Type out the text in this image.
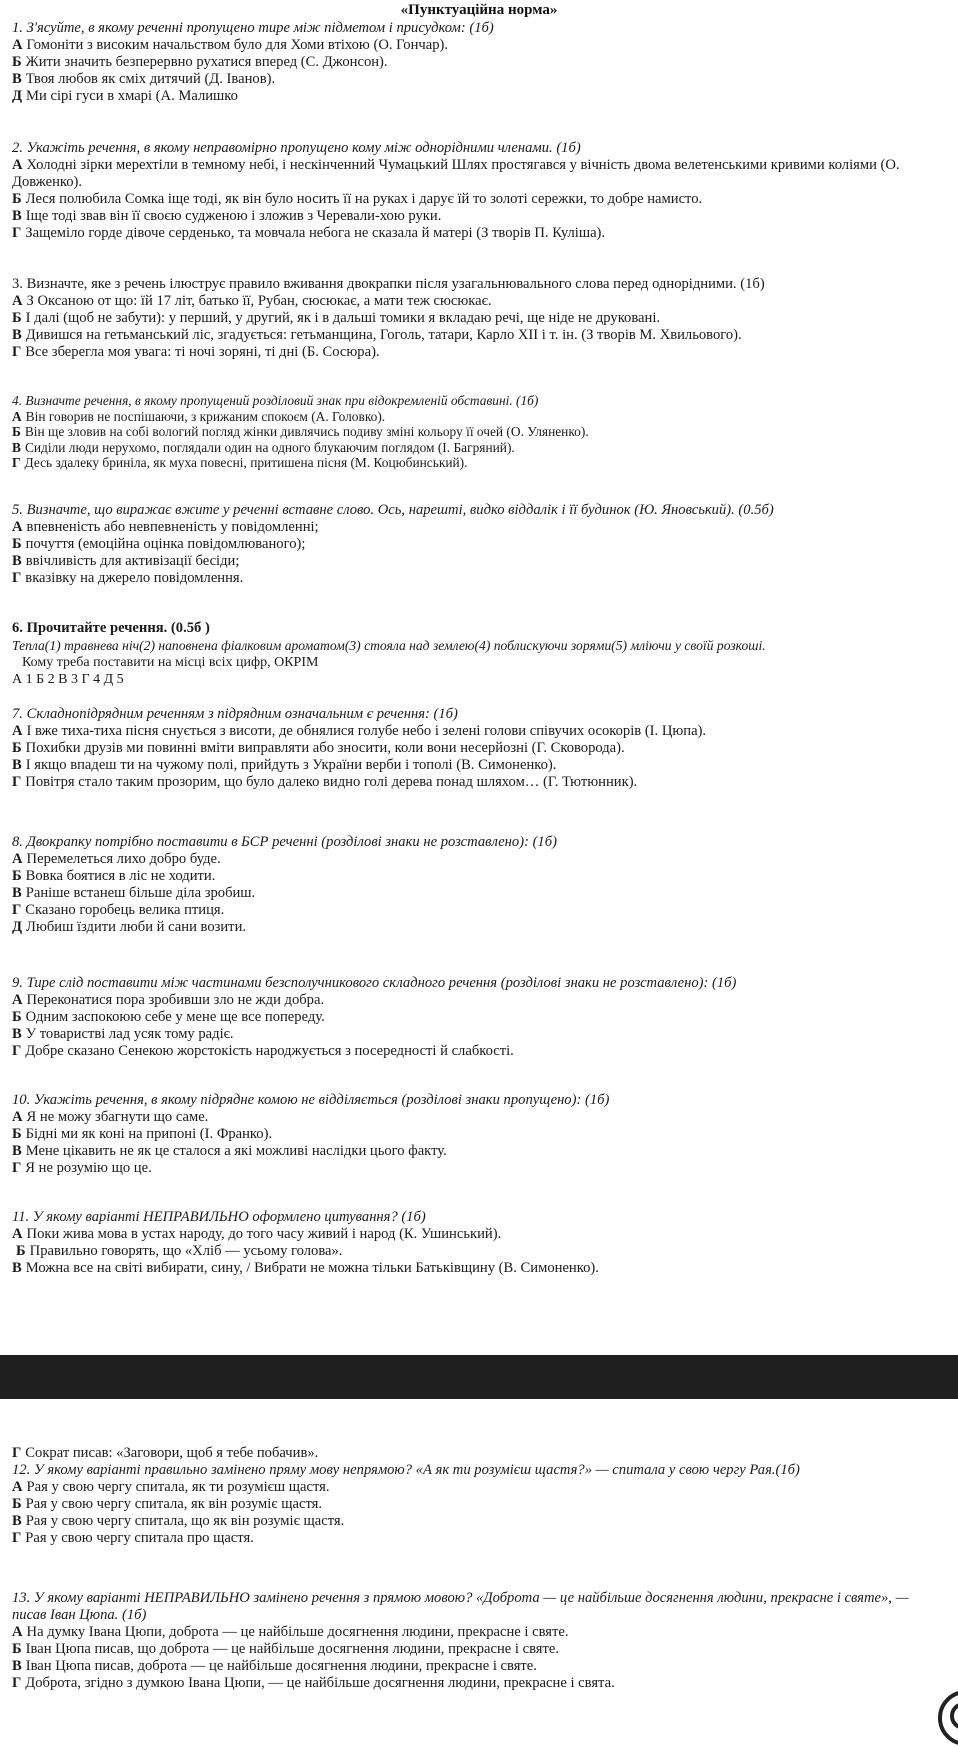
«Пунктуаційна норма»
1. З'ясуйте, в якому реченні пропущено тире між підметом і присудком: (1б)
А Гомоніти з високим начальством було для Хоми втіхою (О. Гончар).
Б Жити значить безперервно рухатися вперед (С. Джонсон).
В Твоя любов як сміх дитячий (Д. Іванов).
Д Ми сірі гуси в хмарі (А. Малишко
2. Укажіть речення, в якому неправомірно пропущено кому між однорідними членами. (1б)
А Холодні зірки мерехтіли в темному небі, і нескінченний Чумацький Шлях простягався у вічність двома велетенськими кривими коліями (О. Довженко).
Б Леся полюбила Сомка іще тоді, як він було носить її на руках і дарує їй то золоті сережки, то добре намисто.
В Іще тоді звав він її своєю судженою і зложив з Черевали-хою руки.
Г Защеміло горде дівоче серденько, та мовчала небога не сказала й матері (З творів П. Куліша).
3. Визначте, яке з речень ілюструє правило вживання двокрапки після узагальнювального слова перед однорідними. (1б)
А З Оксаною от що: їй 17 літ, батько її, Рубан, сюсюкає, а мати теж сюсюкає.
Б І далі (щоб не забути): у перший, у другий, як і в дальші томики я вкладаю речі, ще ніде не друковані.
В Дивишся на гетьманський ліс, згадується: гетьманщина, Гоголь, татари, Карло XII і т. ін. (З творів М. Хвильового).
Г Все зберегла моя увага: ті ночі зоряні, ті дні (Б. Сосюра).
4. Визначте речення, в якому пропущений розділовий знак при відокремленій обставині. (1б)
А Він говорив не поспішаючи, з крижаним спокоєм (А. Головко).
Б Він ще зловив на собі вологий погляд жінки дивлячись подиву зміні кольору її очей (О. Уляненко).
В Сиділи люди нерухомо, поглядали один на одного блукаючим поглядом (І. Багряний).
Г Десь здалеку бриніла, як муха повесні, притишена пісня (М. Коцюбинський).
5. Визначте, що виражає вжите у реченні вставне слово. Ось, нарешті, видко віддалік і її будинок (Ю. Яновський). (0.5б)
А впевненість або невпевненість у повідомленні;
Б почуття (емоційна оцінка повідомлюваного);
В ввічливість для активізації бесіди;
Г вказівку на джерело повідомлення.
6. Прочитайте речення. (0.5б )
Тепла(1) травнева ніч(2) наповнена фіалковим ароматом(3) стояла над землею(4) поблискуючи зорями(5) мліючи у своїй розкоші.
Кому треба поставити на місці всіх цифр, ОКРІМ
А 1 Б 2 В 3 Г 4 Д 5
7. Складнопідрядним реченням з підрядним означальним є речення: (1б)
А І вже тиха-тиха пісня снується з висоти, де обнялися голубе небо і зелені голови співучих осокорів (І. Цюпа).
Б Похибки друзів ми повинні вміти виправляти або зносити, коли вони несерйозні (Г. Сковорода).
В І якщо впадеш ти на чужому полі, прийдуть з України верби і тополі (В. Симоненко).
Г Повітря стало таким прозорим, що було далеко видно голі дерева понад шляхом… (Г. Тютюнник).
8. Двокрапку потрібно поставити в БСР реченні (розділові знаки не розставлено): (1б)
А Перемелеться лихо добро буде.
Б Вовка боятися в ліс не ходити.
В Раніше встанеш більше діла зробиш.
Г Сказано горобець велика птиця.
Д Любиш їздити люби й сани возити.
9. Тире слід поставити між частинами безсполучникового складного речення (розділові знаки не розставлено): (1б)
А Переконатися пора зробивши зло не жди добра.
Б Одним заспокоюю себе у мене ще все попереду.
В У товаристві лад усяк тому радіє.
Г Добре сказано Сенекою жорстокість народжується з посередності й слабкості.
10. Укажіть речення, в якому підрядне комою не відділяється (розділові знаки пропущено): (1б)
А Я не можу збагнути що саме.
Б Бідні ми як коні на припоні (І. Франко).
В Мене цікавить не як це сталося а які можливі наслідки цього факту.
Г Я не розумію що це.
11. У якому варіанті НЕПРАВИЛЬНО оформлено цитування? (1б)
А Поки жива мова в устах народу, до того часу живий і народ (К. Ушинський).
Б Правильно говорять, що «Хліб — усьому голова».
В Можна все на світі вибирати, сину, / Вибрати не можна тільки Батьківщину (В. Симоненко).
Г Сократ писав: «Заговори, щоб я тебе побачив».
12. У якому варіанті правильно замінено пряму мову непрямою? «А як ти розумієш щастя?» — спитала у свою чергу Рая.(1б)
А Рая у свою чергу спитала, як ти розумієш щастя.
Б Рая у свою чергу спитала, як він розуміє щастя.
В Рая у свою чергу спитала, що як він розуміє щастя.
Г Рая у свою чергу спитала про щастя.
13. У якому варіанті НЕПРАВИЛЬНО замінено речення з прямою мовою? «Доброта — це найбільше досягнення людини, прекрасне і святе», — писав Іван Цюпа. (1б)
А На думку Івана Цюпи, доброта — це найбільше досягнення людини, прекрасне і святе.
Б Іван Цюпа писав, що доброта — це найбільше досягнення людини, прекрасне і святе.
В Іван Цюпа писав, доброта — це найбільше досягнення людини, прекрасне і святе.
Г Доброта, згідно з думкою Івана Цюпи, — це найбільше досягнення людини, прекрасне і свята.
